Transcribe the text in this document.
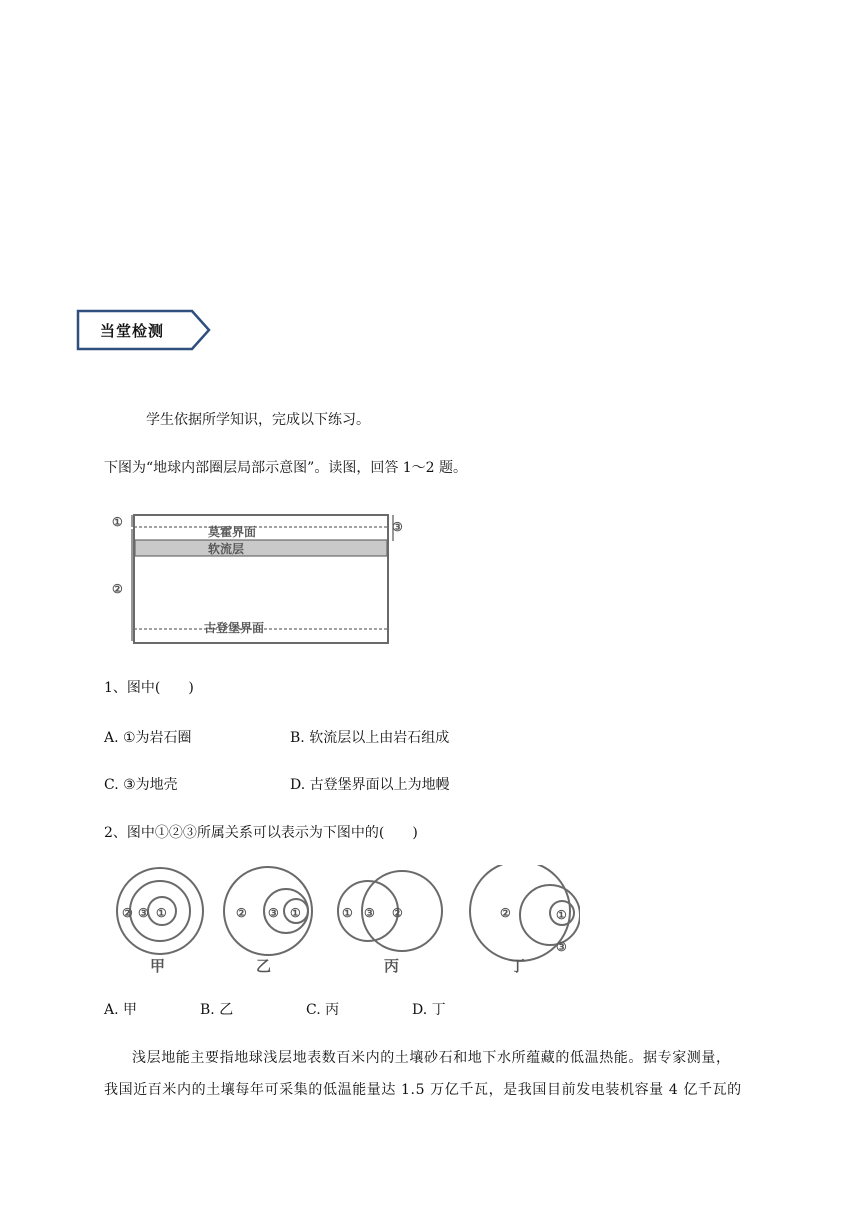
当堂检测
学生依据所学知识，完成以下练习。
下图为“地球内部圈层局部示意图”。读图，回答 1～2 题。
莫霍界面
软流层
古登堡界面
①
②
③
1、图中(　　)
A. ①为岩石圈	B. 软流层以上由岩石组成
C. ③为地壳	D. 古登堡界面以上为地幔
2、图中①②③所属关系可以表示为下图中的(　　)
② ③ ①	② ③ ①	① ③ ②	②	①
③
甲	乙	丙	丁
A. 甲	B. 乙	C. 丙	D. 丁
浅层地能主要指地球浅层地表数百米内的土壤砂石和地下水所蕴藏的低温热能。据专家测量，
我国近百米内的土壤每年可采集的低温能量达 1.5 万亿千瓦，是我国目前发电装机容量 4 亿千瓦的
